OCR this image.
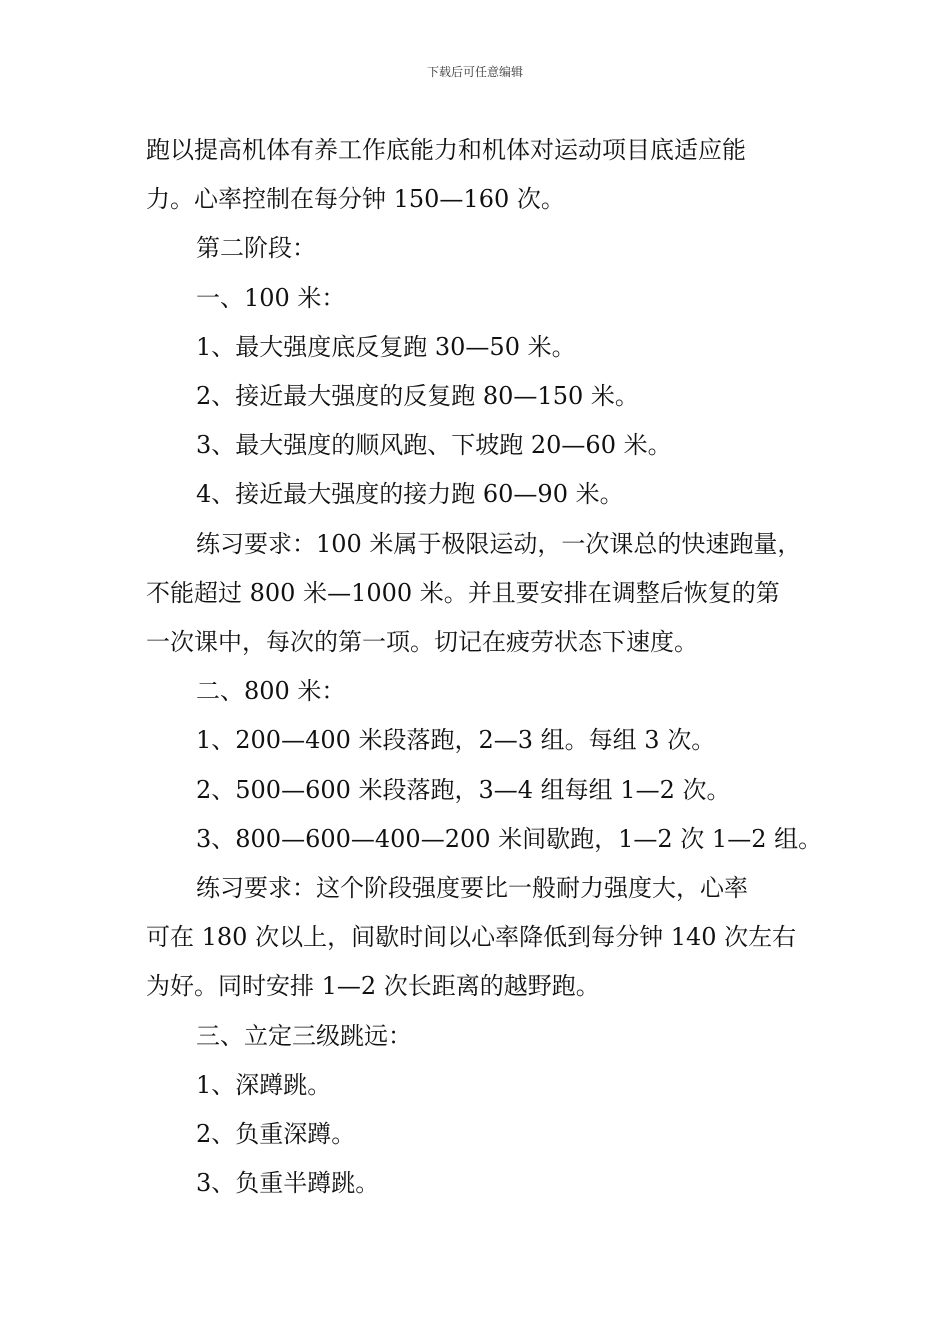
下载后可任意编辑

跑以提高机体有养工作底能力和机体对运动项目底适应能

力。心率控制在每分钟 150—160 次。

第二阶段：

一、100 米：

1、最大强度底反复跑 30—50 米。

2、接近最大强度的反复跑 80—150 米。

3、最大强度的顺风跑、下坡跑 20—60 米。

4、接近最大强度的接力跑 60—90 米。

练习要求：100 米属于极限运动，一次课总的快速跑量，

不能超过 800 米—1000 米。并且要安排在调整后恢复的第

一次课中，每次的第一项。切记在疲劳状态下速度。

二、800 米：

1、200—400 米段落跑，2—3 组。每组 3 次。

2、500—600 米段落跑，3—4 组每组 1—2 次。

3、800—600—400—200 米间歇跑，1—2 次 1—2 组。

练习要求：这个阶段强度要比一般耐力强度大，心率

可在 180 次以上，间歇时间以心率降低到每分钟 140 次左右

为好。同时安排 1—2 次长距离的越野跑。

三、立定三级跳远：

1、深蹲跳。

2、负重深蹲。

3、负重半蹲跳。
